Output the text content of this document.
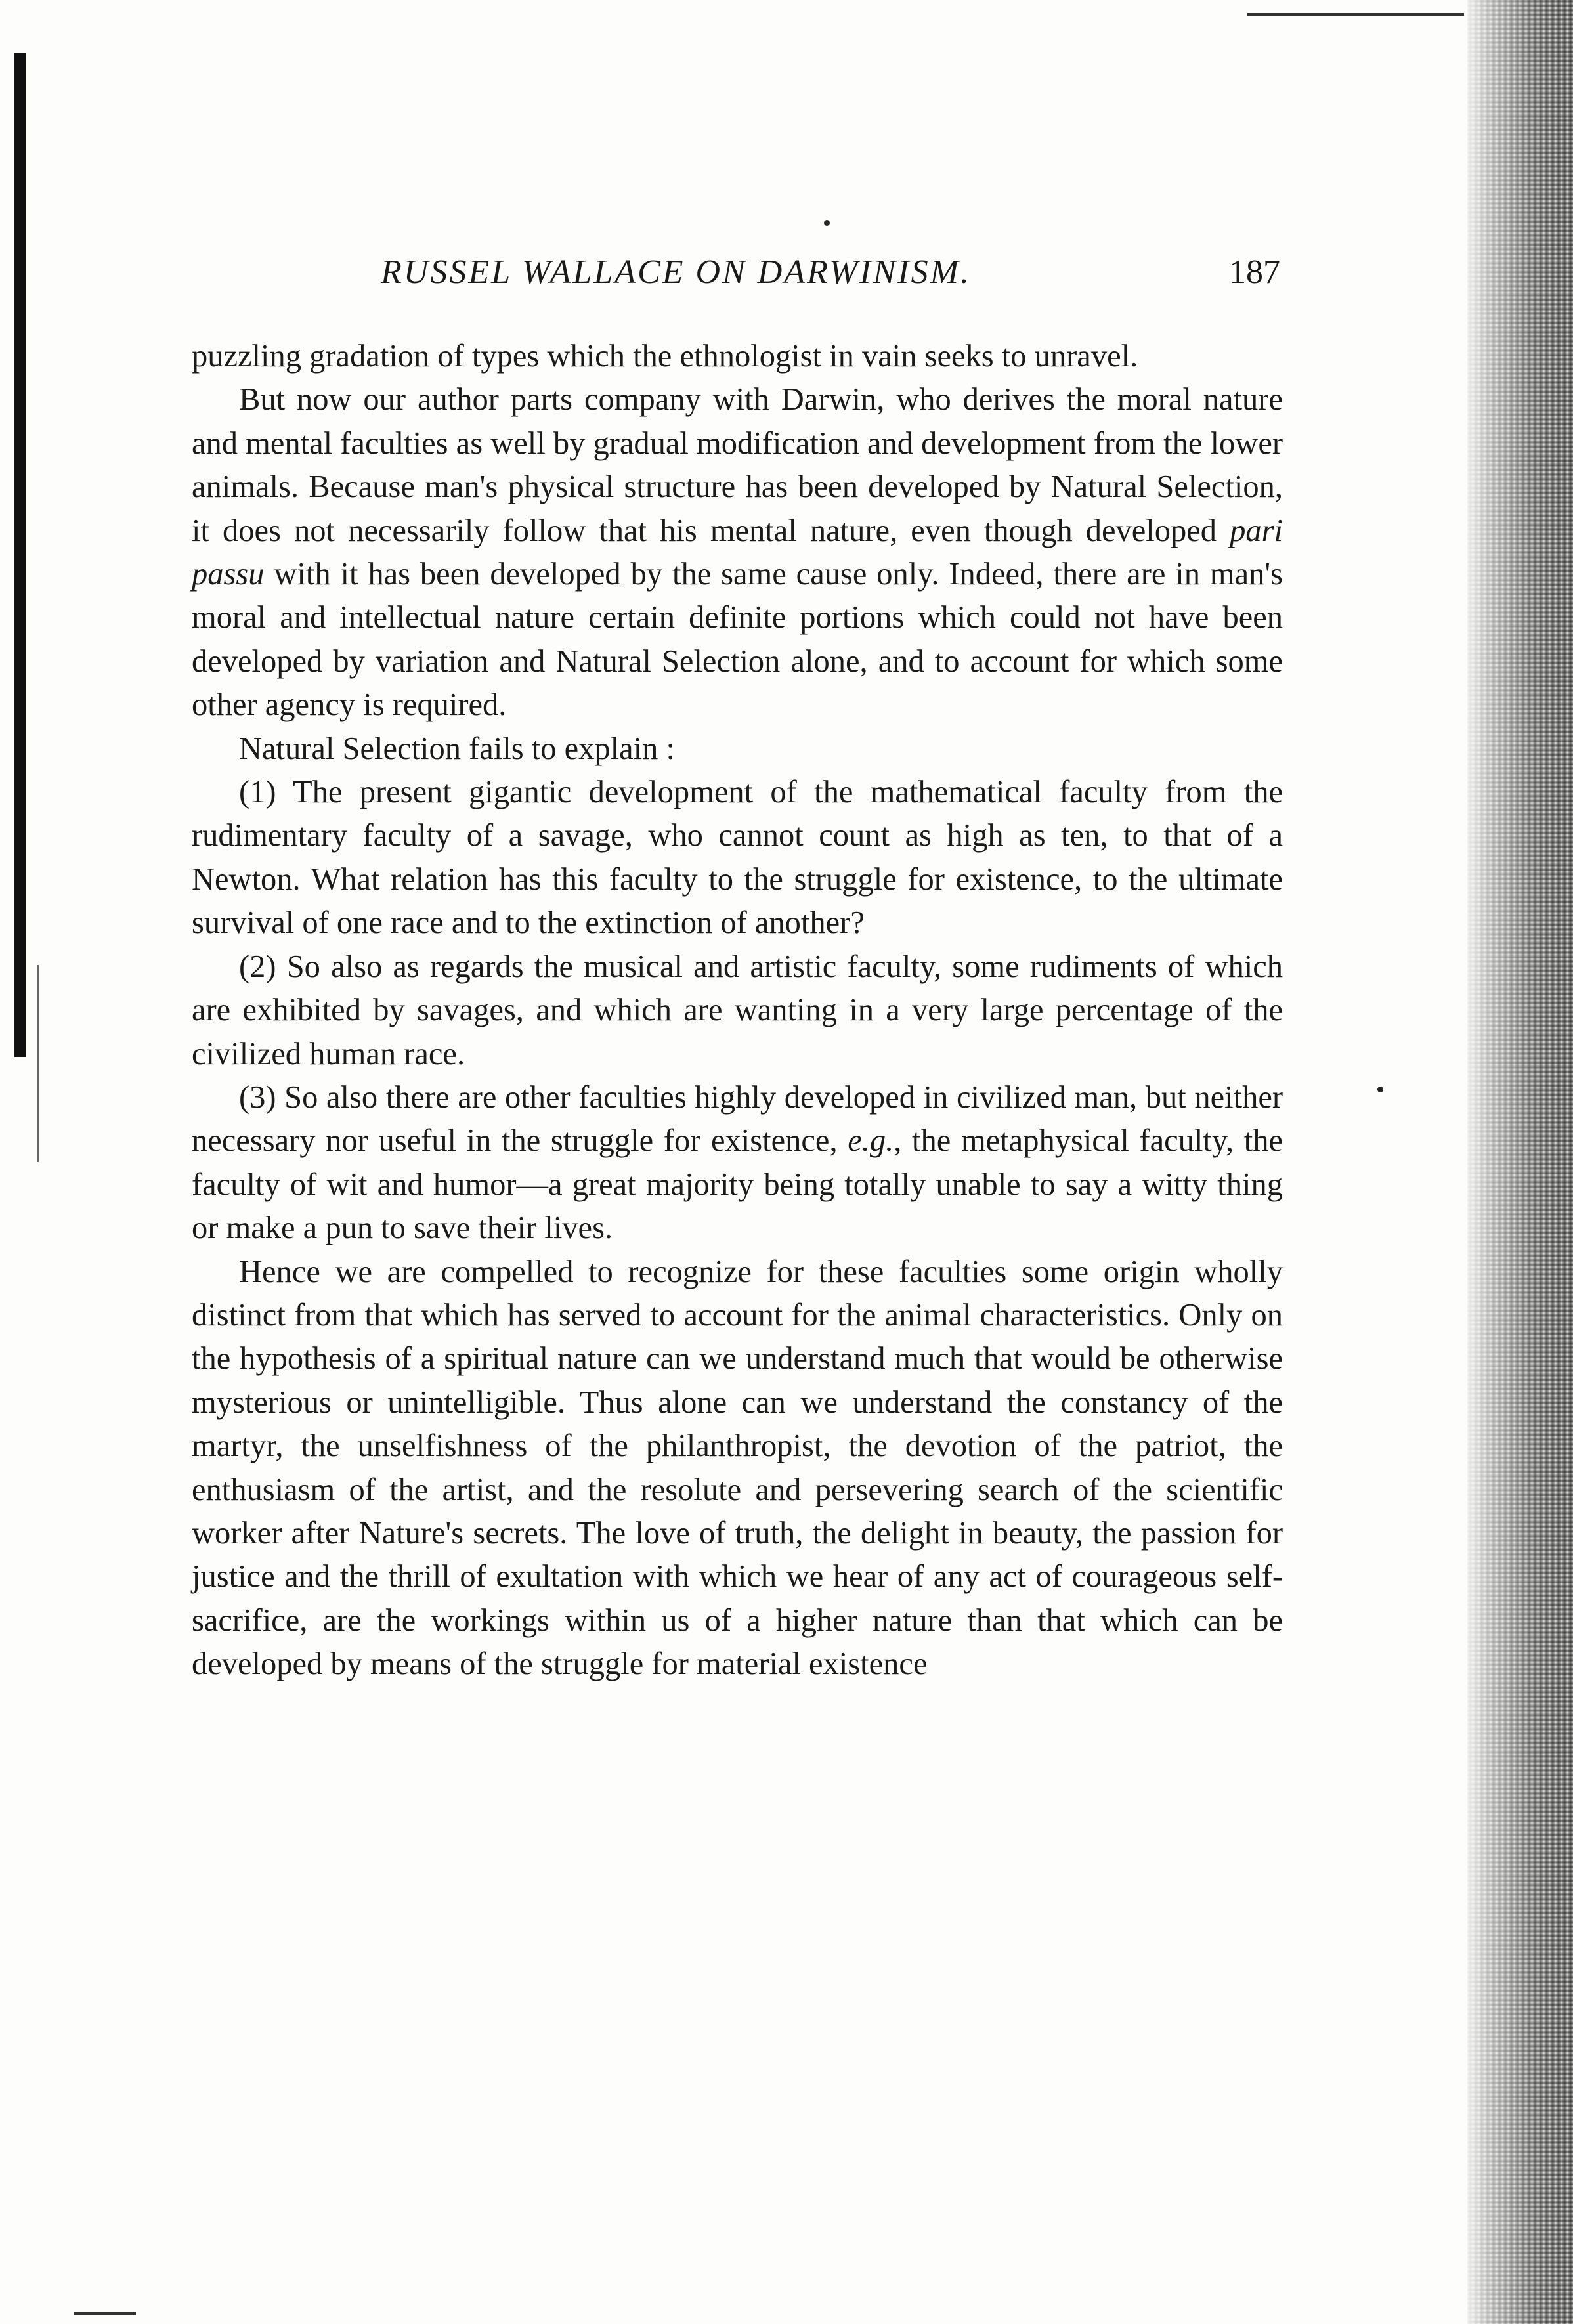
RUSSEL WALLACE ON DARWINISM.	187

puzzling gradation of types which the ethnologist in vain seeks to unravel.

But now our author parts company with Darwin, who derives the moral nature and mental faculties as well by gradual modification and development from the lower animals. Because man's physical structure has been developed by Natural Selection, it does not necessarily follow that his mental nature, even though developed pari passu with it has been developed by the same cause only. Indeed, there are in man's moral and intellectual nature certain definite portions which could not have been developed by variation and Natural Selection alone, and to account for which some other agency is required.

Natural Selection fails to explain :

(1) The present gigantic development of the mathematical faculty from the rudimentary faculty of a savage, who cannot count as high as ten, to that of a Newton. What relation has this faculty to the struggle for existence, to the ultimate survival of one race and to the extinction of another?

(2) So also as regards the musical and artistic faculty, some rudiments of which are exhibited by savages, and which are wanting in a very large percentage of the civilized human race.

(3) So also there are other faculties highly developed in civilized man, but neither necessary nor useful in the struggle for existence, e.g., the metaphysical faculty, the faculty of wit and humor—a great majority being totally unable to say a witty thing or make a pun to save their lives.

Hence we are compelled to recognize for these faculties some origin wholly distinct from that which has served to account for the animal characteristics. Only on the hypothesis of a spiritual nature can we understand much that would be otherwise mysterious or unintelligible. Thus alone can we understand the constancy of the martyr, the unselfishness of the philanthropist, the devotion of the patriot, the enthusiasm of the artist, and the resolute and persevering search of the scientific worker after Nature's secrets. The love of truth, the delight in beauty, the passion for justice and the thrill of exultation with which we hear of any act of courageous self-sacrifice, are the workings within us of a higher nature than that which can be developed by means of the struggle for material existence
